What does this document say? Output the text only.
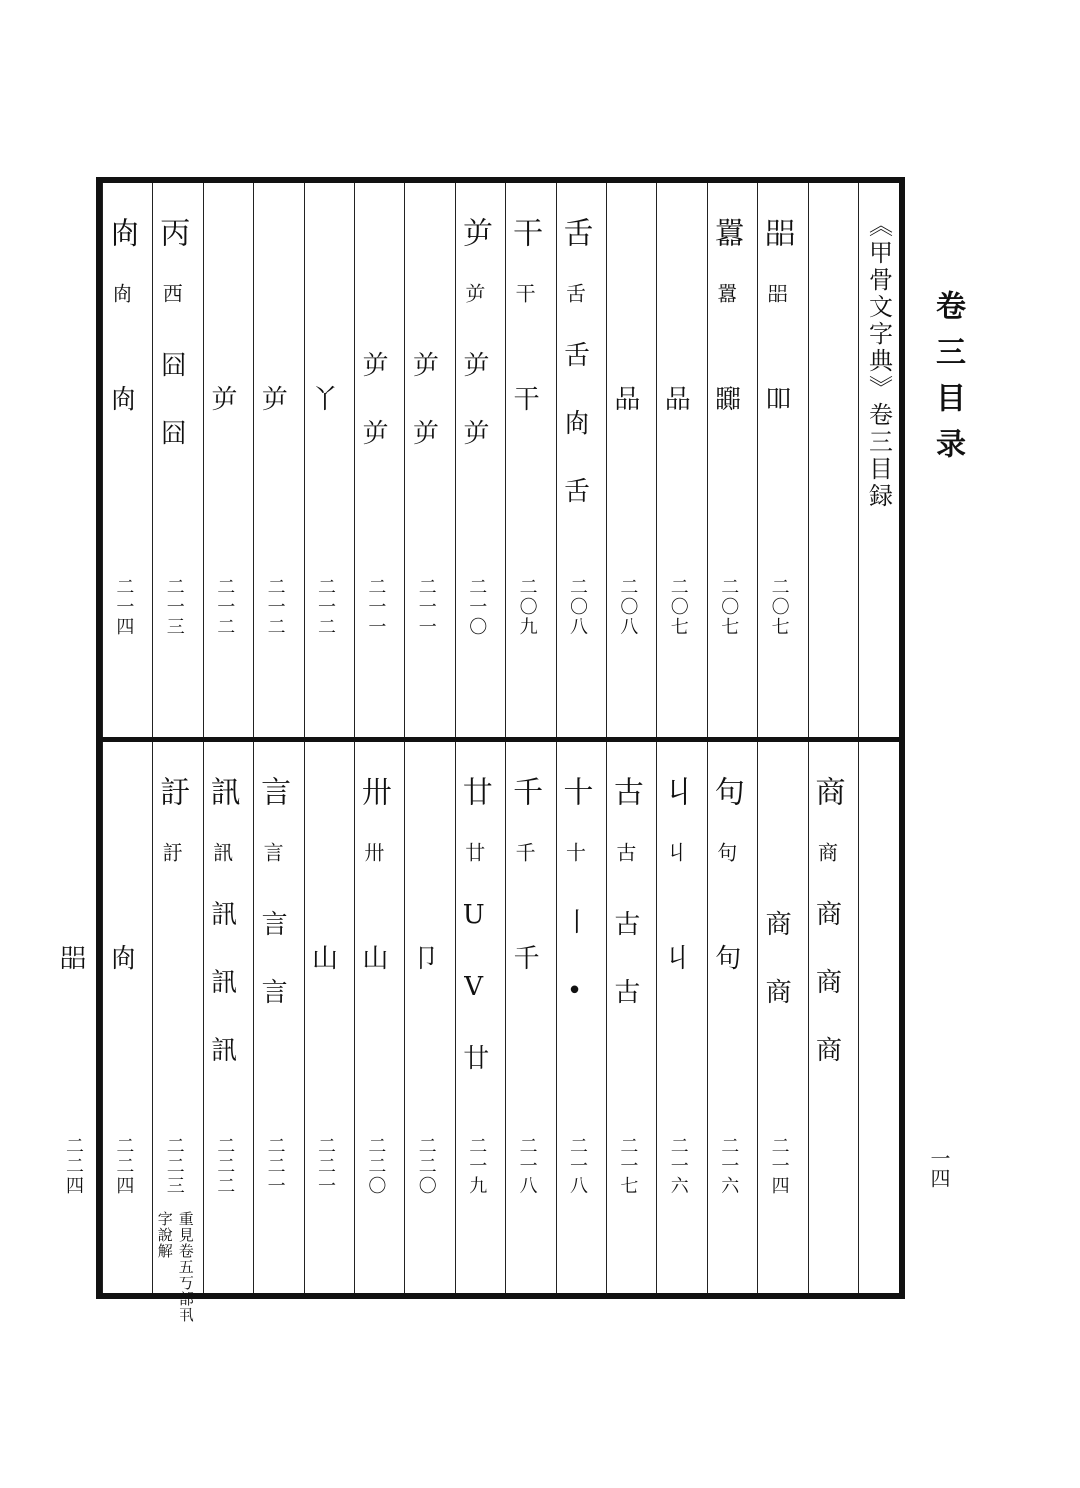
卷三目录
一四
㗊
㗊
吅
二〇七
囂
囂
嚻
二〇七
品
二〇七
品
二〇八
舌
舌
舌 㕯 舌
二〇八
干
干
干
二〇九
屰
屰
屰 屰
二一〇
屰 屰
二一一
屰 屰
二一一
丫
二一二
屰
二一二
屰
二一二
丙
西
囧 囧
二一三
㕯
㕯
㕯
二一四
商
商
商 商 商
商 商
二一四
句
句
句
二一六
丩
丩
丩
二一六
古
古
古 古
二一七
十
十
丨 •
二一八
千
千
千
二一八
廿
廿
U V 廿
二一九
卩
二二〇
卅
卅
山
二二〇
山
二二一
言
言
言 言
二二一
訊
訊
訊 訊 訊
二二二
訏
訏
二二三
重見卷五丂部丮字說解
㕯
二二四
㗊
二二四
《甲骨文字典》卷三目録
